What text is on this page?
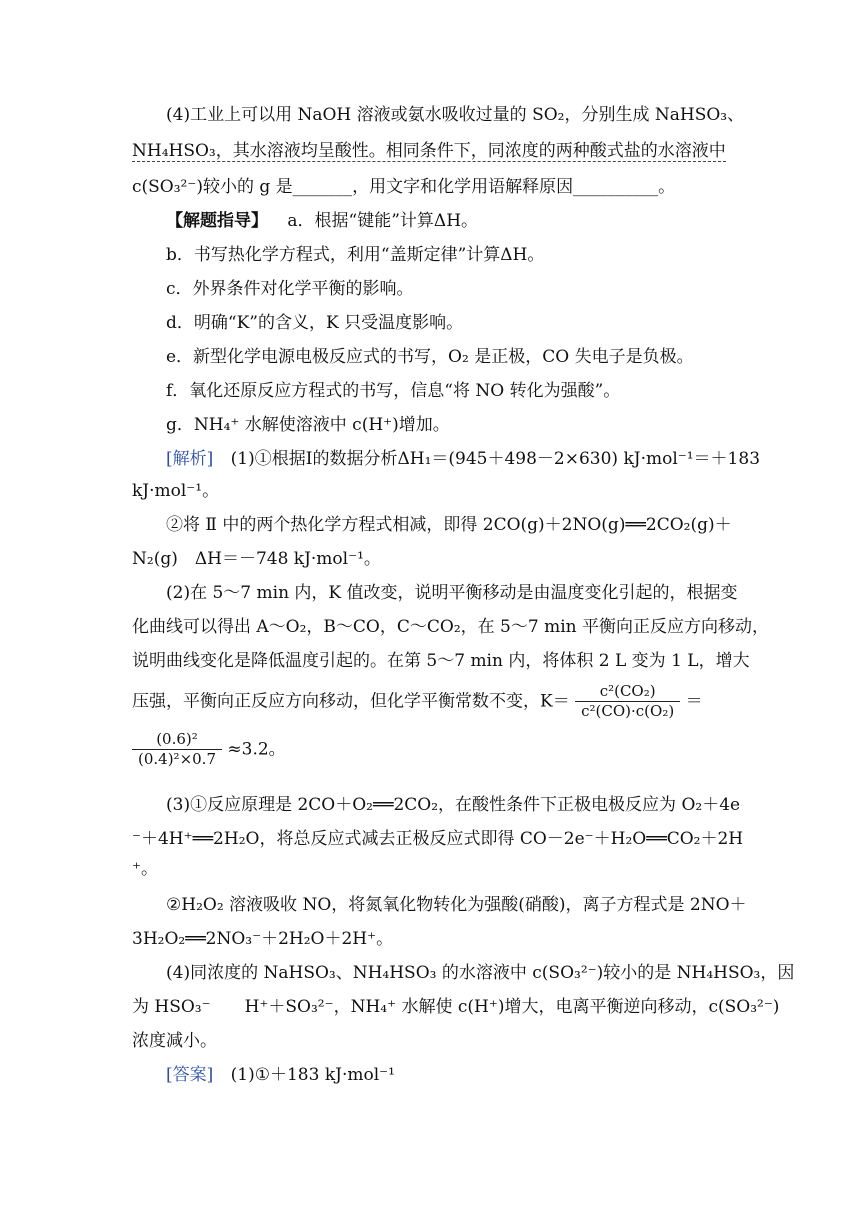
(4)工业上可以用 NaOH 溶液或氨水吸收过量的 SO₂，分别生成 NaHSO₃、
NH₄HSO₃，其水溶液均呈酸性。相同条件下，同浓度的两种酸式盐的水溶液中
c(SO₃²⁻)较小的 g 是_______，用文字和化学用语解释原因__________。
【解题指导】 a．根据“键能”计算ΔH。
b．书写热化学方程式，利用“盖斯定律”计算ΔH。
c．外界条件对化学平衡的影响。
d．明确“K”的含义，K 只受温度影响。
e．新型化学电源电极反应式的书写，O₂ 是正极，CO 失电子是负极。
f．氧化还原反应方程式的书写，信息“将 NO 转化为强酸”。
g．NH₄⁺ 水解使溶液中 c(H⁺)增加。
[解析] (1)①根据Ⅰ的数据分析ΔH₁＝(945＋498－2×630) kJ·mol⁻¹＝＋183
kJ·mol⁻¹。
②将 Ⅱ 中的两个热化学方程式相减，即得 2CO(g)＋2NO(g)══2CO₂(g)＋
N₂(g)　ΔH＝－748 kJ·mol⁻¹。
(2)在 5～7 min 内，K 值改变，说明平衡移动是由温度变化引起的，根据变
化曲线可以得出 A～O₂，B～CO，C～CO₂，在 5～7 min 平衡向正反应方向移动，
说明曲线变化是降低温度引起的。在第 5～7 min 内，将体积 2 L 变为 1 L，增大
压强，平衡向正反应方向移动，但化学平衡常数不变，$K= \frac{\text{c²(CO₂)}}{\text{c²(CO)·c(O₂)}}$ ＝
$\frac{\text{(0.6)²}}{\text{(0.4)²×0.7}} \approx 3.2$。
(3)①反应原理是 2CO＋O₂══2CO₂，在酸性条件下正极电极反应为 O₂＋4e
⁻＋4H⁺══2H₂O，将总反应式减去正极反应式即得 CO－2e⁻＋H₂O══CO₂＋2H
⁺。
②H₂O₂ 溶液吸收 NO，将氮氧化物转化为强酸(硝酸)，离子方程式是 2NO＋
3H₂O₂══2NO₃⁻＋2H₂O＋2H⁺。
(4)同浓度的 NaHSO₃、NH₄HSO₃ 的水溶液中 c(SO₃²⁻)较小的是 NH₄HSO₃，因
为 HSO₃⁻　　H⁺＋SO₃²⁻，NH₄⁺ 水解使 c(H⁺)增大，电离平衡逆向移动，c(SO₃²⁻)
浓度减小。
[答案] (1)①＋183 kJ·mol⁻¹
